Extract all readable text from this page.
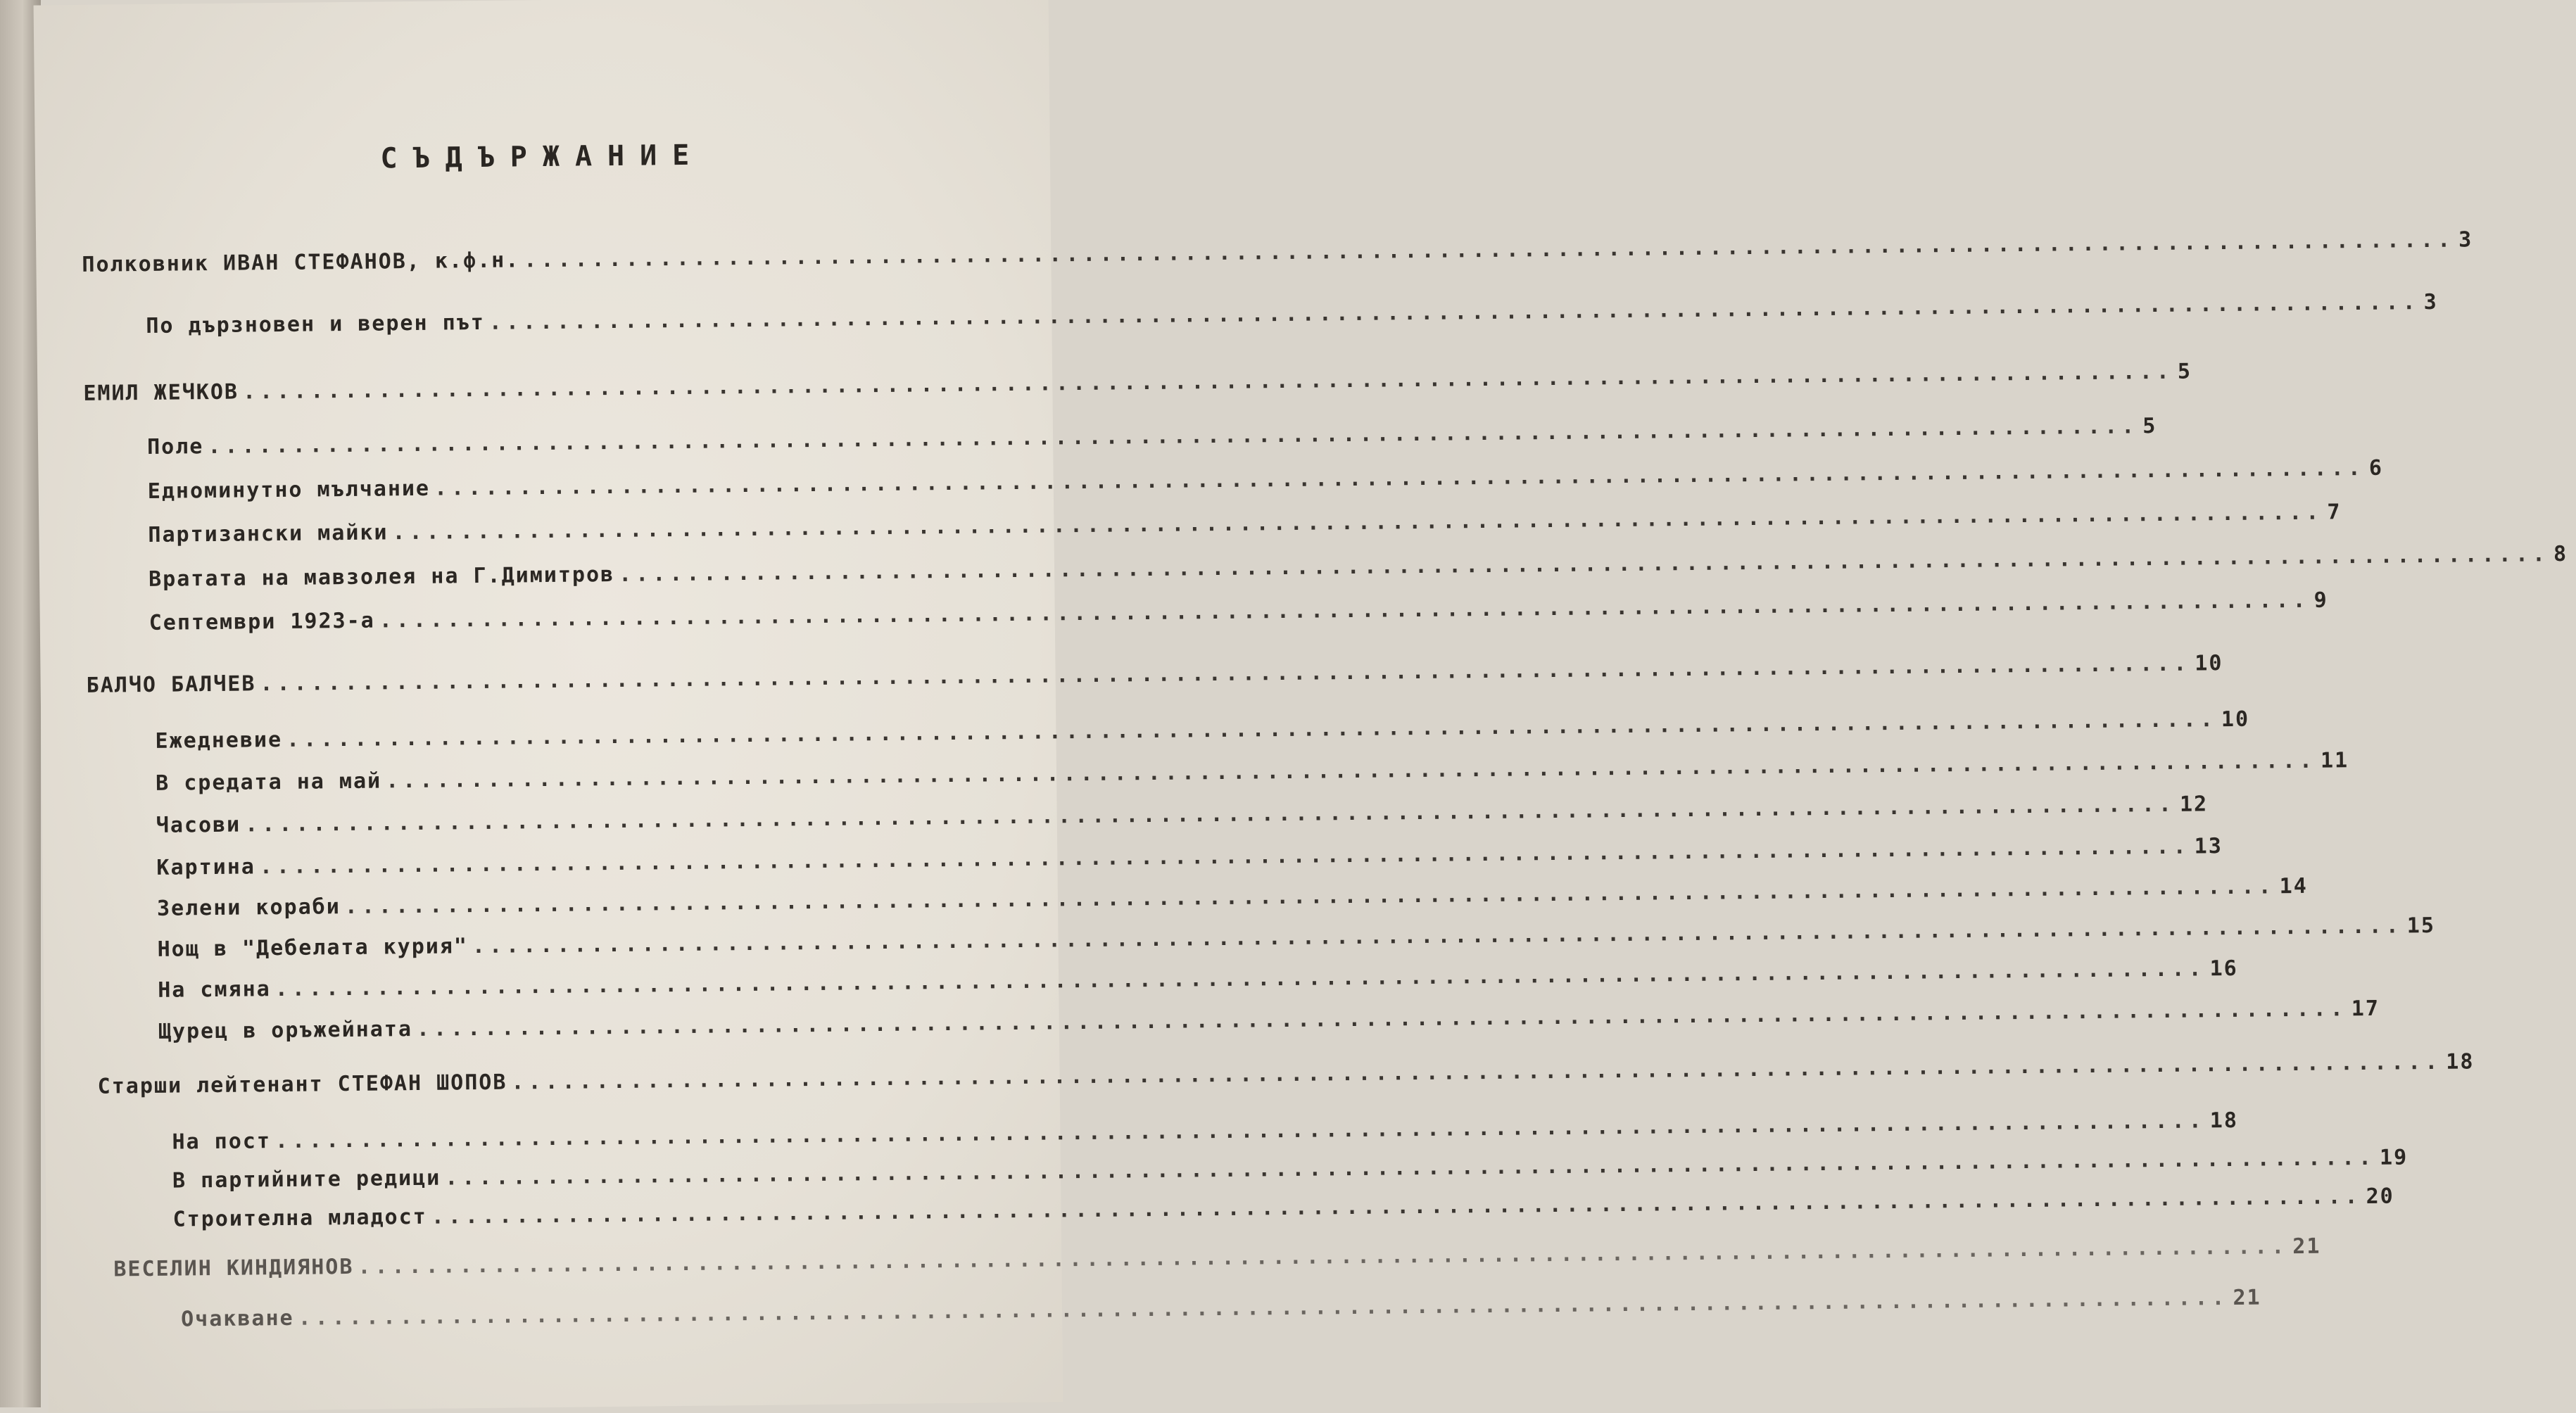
СЪДЪРЖАНИЕ
Полковник ИВАН СТЕФАНОВ, к.ф.н. .................................................................................................................. 3
По дързновен и верен път .................................................................................................................. 3
ЕМИЛ ЖЕЧКОВ .................................................................................................................. 5
Поле .................................................................................................................. 5
Едноминутно мълчание .................................................................................................................. 6
Партизански майки .................................................................................................................. 7
Вратата на мавзолея на Г.Димитров .................................................................................................................. 8
Септември 1923-а .................................................................................................................. 9
БАЛЧО БАЛЧЕВ .................................................................................................................. 10
Ежедневие .................................................................................................................. 10
В средата на май .................................................................................................................. 11
Часови .................................................................................................................. 12
Картина .................................................................................................................. 13
Зелени кораби .................................................................................................................. 14
Нощ в "Дебелата курия" .................................................................................................................. 15
На смяна .................................................................................................................. 16
Щурец в оръжейната .................................................................................................................. 17
Старши лейтенант СТЕФАН ШОПОВ .................................................................................................................. 18
На пост .................................................................................................................. 18
В партийните редици .................................................................................................................. 19
Строителна младост .................................................................................................................. 20
ВЕСЕЛИН КИНДИЯНОВ .................................................................................................................. 21
Очакване .................................................................................................................. 21
